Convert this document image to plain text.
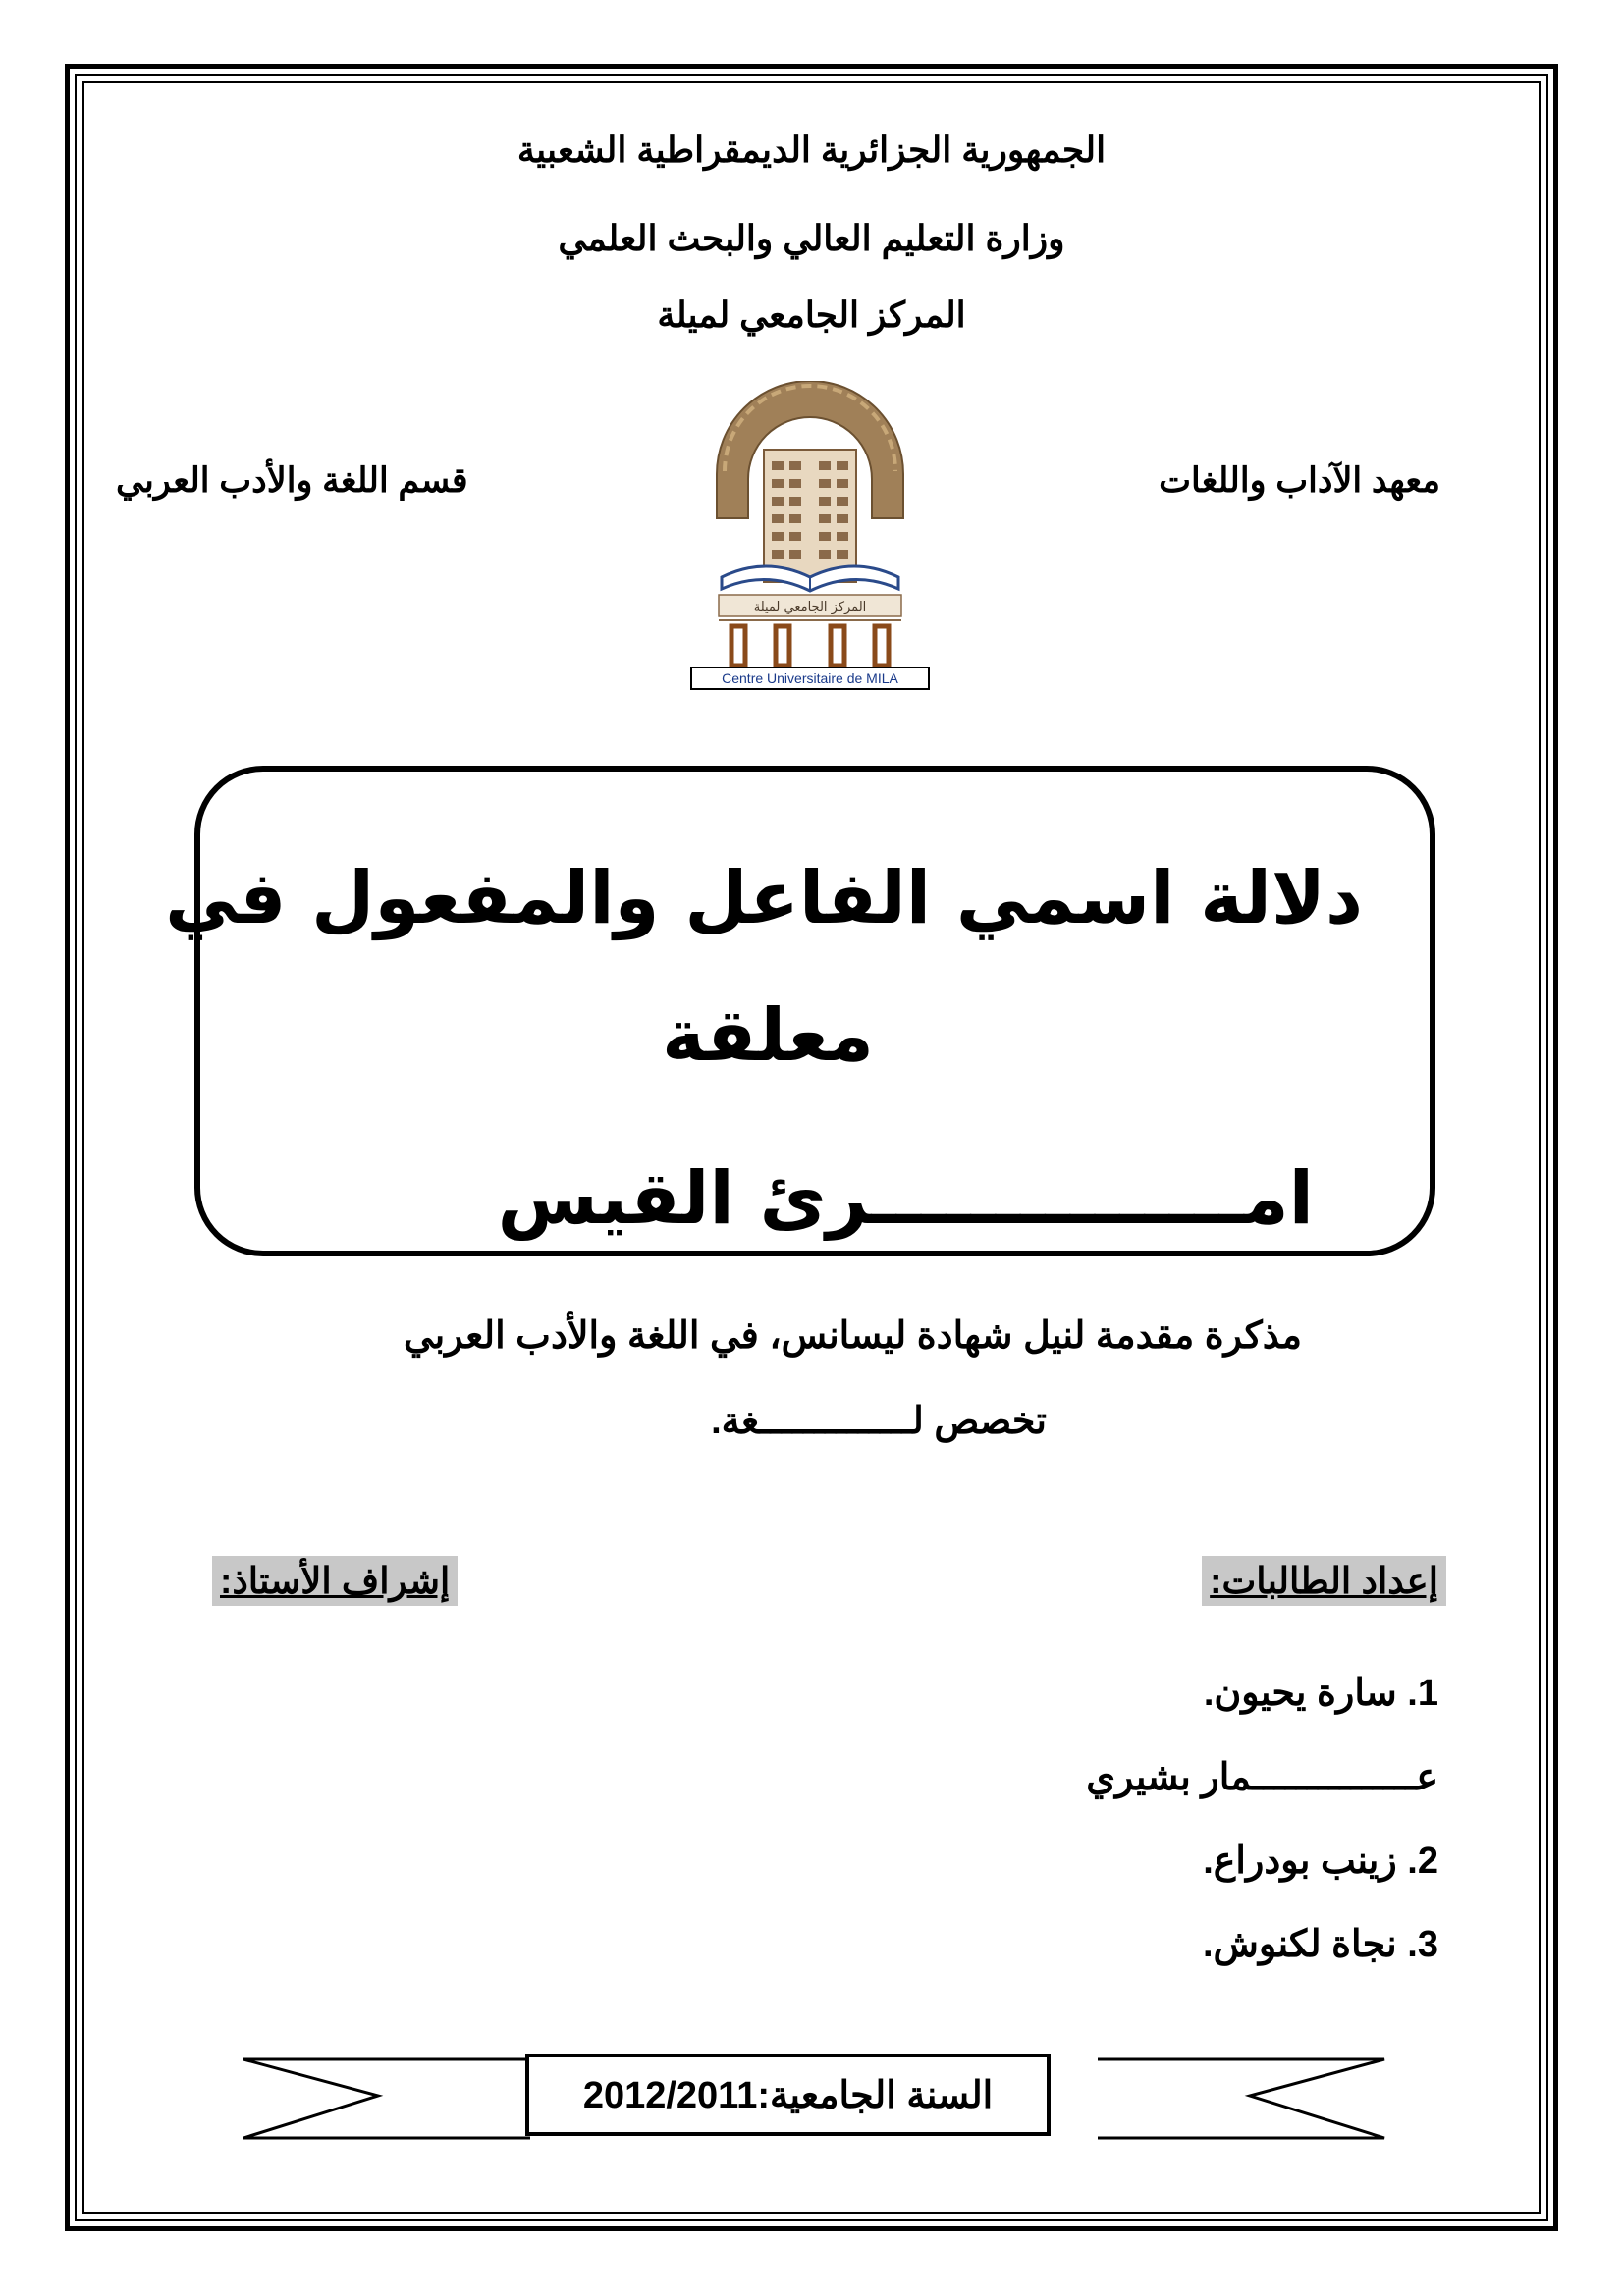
الجمهورية الجزائرية الديمقراطية الشعبية
وزارة التعليم العالي والبحث العلمي
المركز الجامعي لميلة
معهد الآداب واللغات
قسم اللغة والأدب العربي
المركز الجامعي لميلة
Centre Universitaire de MILA
دلالة اسمي الفاعل والمفعول في
معلقة
امـــــــــــــــرئ القيس
مذكرة مقدمة لنيل شهادة ليسانس، في اللغة والأدب العربي
تخصص لــــــــــــــغة.
إعداد الطالبات:
إشراف الأستاذ:
1. سارة يحيون.
عـــــــــــــــمار بشيري
2. زينب بودراع.
3. نجاة لكنوش.
السنة الجامعية:2012/2011
